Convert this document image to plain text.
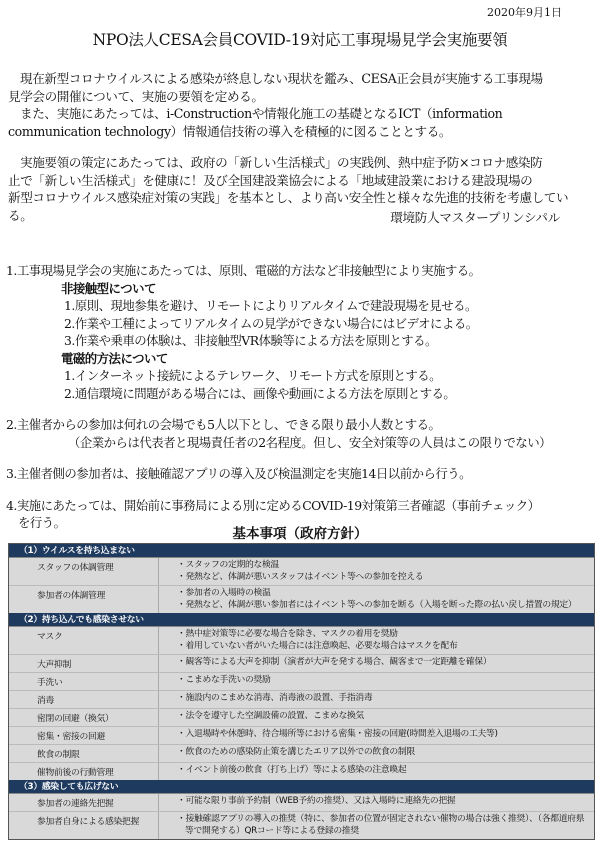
2020年9月1日
NPO法人CESA会員COVID-19対応工事現場見学会実施要領
現在新型コロナウイルスによる感染が終息しない現状を鑑み、CESA正会員が実施する工事現場
見学会の開催について、実施の要領を定める。
また、実施にあたっては、i-Constructionや情報化施工の基礎となるICT（information
communication technology）情報通信技術の導入を積極的に図ることとする。
実施要領の策定にあたっては、政府の「新しい生活様式」の実践例、熱中症予防×コロナ感染防
止で「新しい生活様式」を健康に！及び全国建設業協会による「地域建設業における建設現場の
新型コロナウイルス感染症対策の実践」を基本とし、より高い安全性と様々な先進的技術を考慮してい
る。	環境防人マスタープリンシパル
1.工事現場見学会の実施にあたっては、原則、電磁的方法など非接触型により実施する。
非接触型について
1.原則、現地参集を避け、リモートによりリアルタイムで建設現場を見せる。
2.作業や工種によってリアルタイムの見学ができない場合にはビデオによる。
3.作業や乗車の体験は、非接触型VR体験等による方法を原則とする。
電磁的方法について
1.インターネット接続によるテレワーク、リモート方式を原則とする。
2.通信環境に問題がある場合には、画像や動画による方法を原則とする。
2.主催者からの参加は何れの会場でも5人以下とし、できる限り最小人数とする。
（企業からは代表者と現場責任者の2名程度。但し、安全対策等の人員はこの限りでない）
3.主催者側の参加者は、接触確認アプリの導入及び検温測定を実施14日以前から行う。
4.実施にあたっては、開始前に事務局による別に定めるCOVID-19対策第三者確認（事前チェック）
を行う。
基本事項（政府方針）
（1）ウイルスを持ち込まない
スタッフの体調管理	・スタッフの定期的な検温
・発熱など、体調が悪いスタッフはイベント等への参加を控える
参加者の体調管理	・参加者の入場時の検温
・発熱など、体調が悪い参加者にはイベント等への参加を断る（入場を断った際の払い戻し措置の規定）
（2）持ち込んでも感染させない
マスク	・熱中症対策等に必要な場合を除き、マスクの着用を奨励
・着用していない者がいた場合には注意喚起、必要な場合はマスクを配布
大声抑制	・観客等による大声を抑制（演者が大声を発する場合、観客まで一定距離を確保）
手洗い	・こまめな手洗いの奨励
消毒	・施設内のこまめな消毒、消毒液の設置、手指消毒
密閉の回避（換気）	・法令を遵守した空調設備の設置、こまめな換気
密集・密接の回避	・入退場時や休憩時、待合場所等における密集・密接の回避(時間差入退場の工夫等)
飲食の制限	・飲食のための感染防止策を講じたエリア以外での飲食の制限
催物前後の行動管理	・イベント前後の飲食（打ち上げ）等による感染の注意喚起
（3）感染しても広げない
参加者の連絡先把握	・可能な限り事前予約制（WEB予約の推奨）、又は入場時に連絡先の把握
参加者自身による感染把握	・接触確認アプリの導入の推奨（特に、参加者の位置が固定されない催物の場合は強く推奨）、（各都道府県等で開発する）QRコード等による登録の推奨
